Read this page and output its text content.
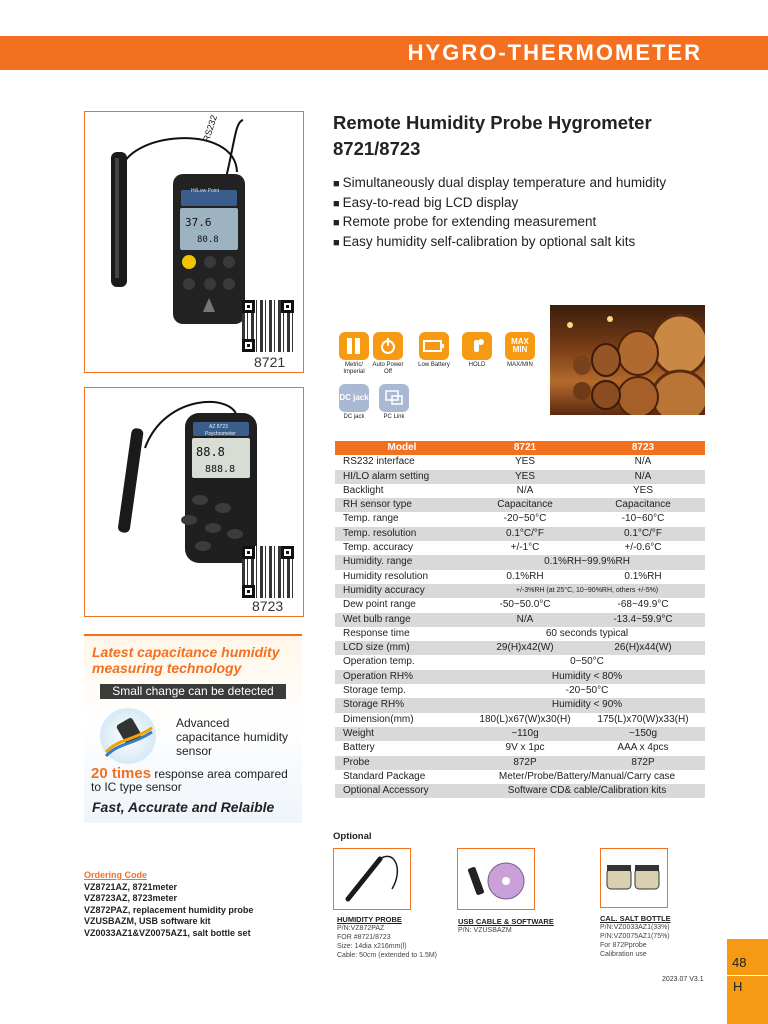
HYGRO-THERMOMETER
37.6
80.8
RS232
Hi/Low Point
8721
88.8
888.8
AZ 8723
Psychrometer
8723
Remote Humidity Probe Hygrometer
8721/8723
■ Simultaneously dual display temperature and humidity
■ Easy-to-read big LCD display
■ Remote probe for extending measurement
■ Easy humidity self-calibration by optional salt kits
Metric/ Imperial
Auto Power Off
Low Battery	HOLD
MAX MIN
MAX/MIN
DC jack
DC jack	PC Link
Model	8721	8723
RS232 interface	YES	N/A
HI/LO alarm setting	YES	N/A
Backlight	N/A	YES
RH sensor type	Capacitance	Capacitance
Temp. range	-20~50°C	-10~60°C
Temp. resolution	0.1°C/°F	0.1°C/°F
Temp. accuracy	+/-1°C	+/-0.6°C
Humidity. range	0.1%RH~99.9%RH	
Humidity resolution	0.1%RH	0.1%RH
Humidity accuracy	+/-3%RH (at 25°C, 10~90%RH, others +/-5%)	
Dew point range	-50~50.0°C	-68~49.9°C
Wet bulb range	N/A	-13.4~59.9°C
Response time	60 seconds typical	
LCD size (mm)	29(H)x42(W)	26(H)x44(W)
Operation temp.	0~50°C	
Operation RH%	Humidity < 80%	
Storage temp.	-20~50°C	
Storage RH%	Humidity < 90%	
Dimension(mm)	180(L)x67(W)x30(H)	175(L)x70(W)x33(H)
Weight	~110g	~150g
Battery	9V x 1pc	AAA x 4pcs
Probe	872P	872P
Standard Package	Meter/Probe/Battery/Manual/Carry case	
Optional Accessory	Software CD& cable/Calibration kits	
Latest capacitance humidity measuring technology
Small change can be detected
Advanced capacitance humidity sensor
20 times response area compared to IC type sensor
Fast, Accurate and Relaible
Ordering Code
VZ8721AZ, 8721meter
VZ8723AZ, 8723meter
VZ872PAZ, replacement humidity probe
VZUSBAZM, USB software kit
VZ0033AZ1&VZ0075AZ1, salt bottle set
Optional
HUMIDITY PROBE
P/N:VZ872PAZ
FOR #8721/8723
Size: 14dia x216mm(l)
Cable: 50cm (extended to 1.5M)
USB CABLE & SOFTWARE
P/N: VZUSBAZM
CAL. SALT BOTTLE
P/N:VZ0033AZ1(33%)
P/N:VZ0075AZ1(75%)
For 872Pprobe
Calibration use
48
H
2023.07 V3.1
